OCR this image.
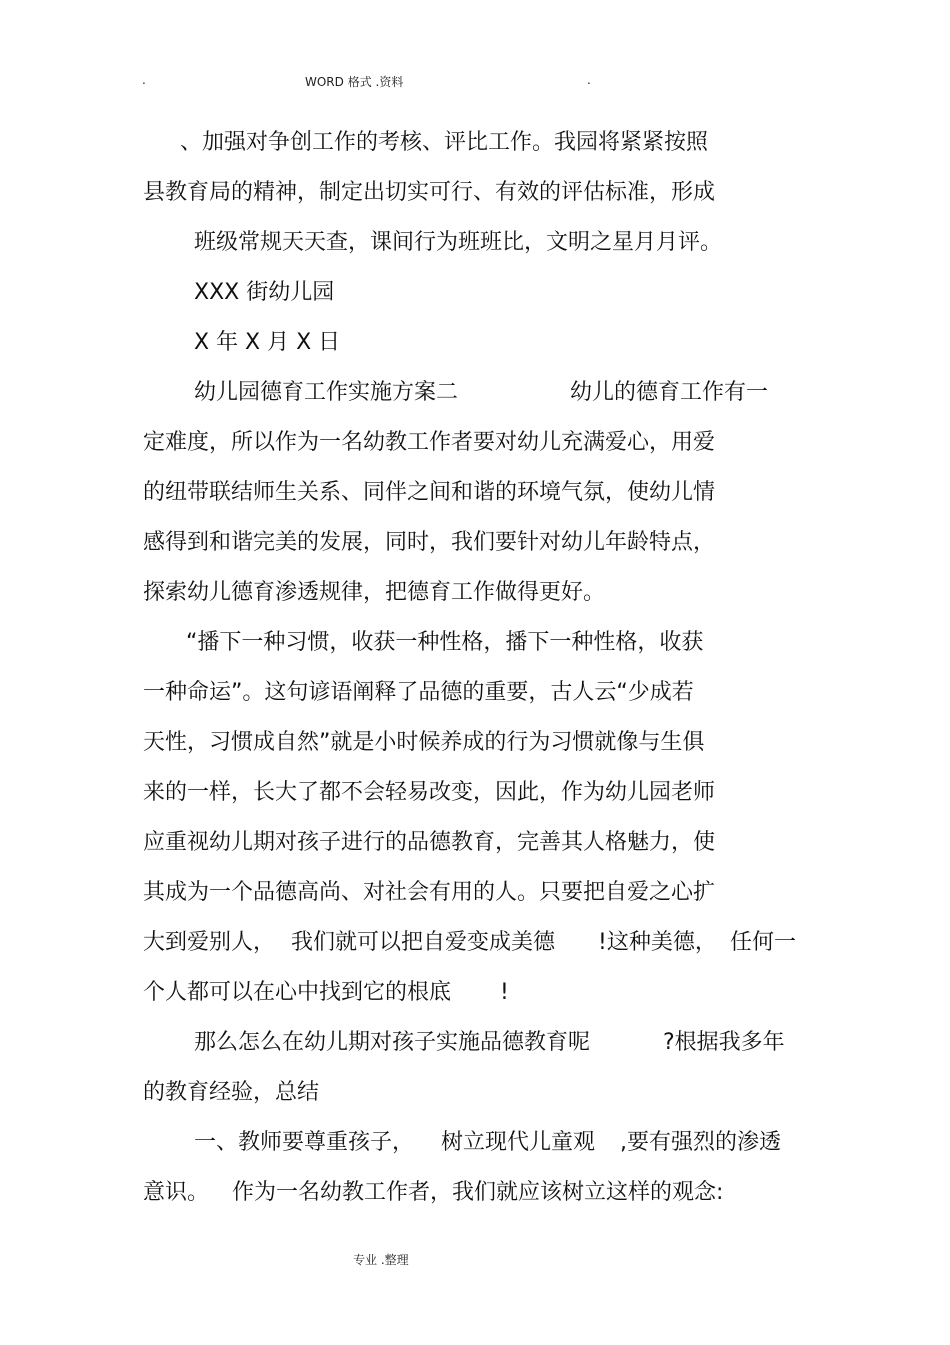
.	WORD 格式 .资料	.
、加强对争创工作的考核、评比工作。我园将紧紧按照
县教育局的精神，制定出切实可行、有效的评估标准，形成
班级常规天天查，课间行为班班比，文明之星月月评。
XXX 街幼儿园
X 年 X 月 X 日
幼儿园德育工作实施方案二	幼儿的德育工作有一
定难度，所以作为一名幼教工作者要对幼儿充满爱心，用爱
的纽带联结师生关系、同伴之间和谐的环境气氛，使幼儿情
感得到和谐完美的发展，同时，我们要针对幼儿年龄特点，
探索幼儿德育渗透规律，把德育工作做得更好。
“播下一种习惯，收获一种性格，播下一种性格，收获
一种命运”。这句谚语阐释了品德的重要，古人云“少成若
天性，习惯成自然”就是小时候养成的行为习惯就像与生俱
来的一样，长大了都不会轻易改变，因此，作为幼儿园老师
应重视幼儿期对孩子进行的品德教育，完善其人格魅力，使
其成为一个品德高尚、对社会有用的人。只要把自爱之心扩
大到爱别人， 我们就可以把自爱变成美德 !这种美德， 任何一
个人都可以在心中找到它的根底 !
那么怎么在幼儿期对孩子实施品德教育呢	?根据我多年
的教育经验，总结
一、教师要尊重孩子， 树立现代儿童观 ,要有强烈的渗透
意识。 作为一名幼教工作者，我们就应该树立这样的观念:
专业 .整理
